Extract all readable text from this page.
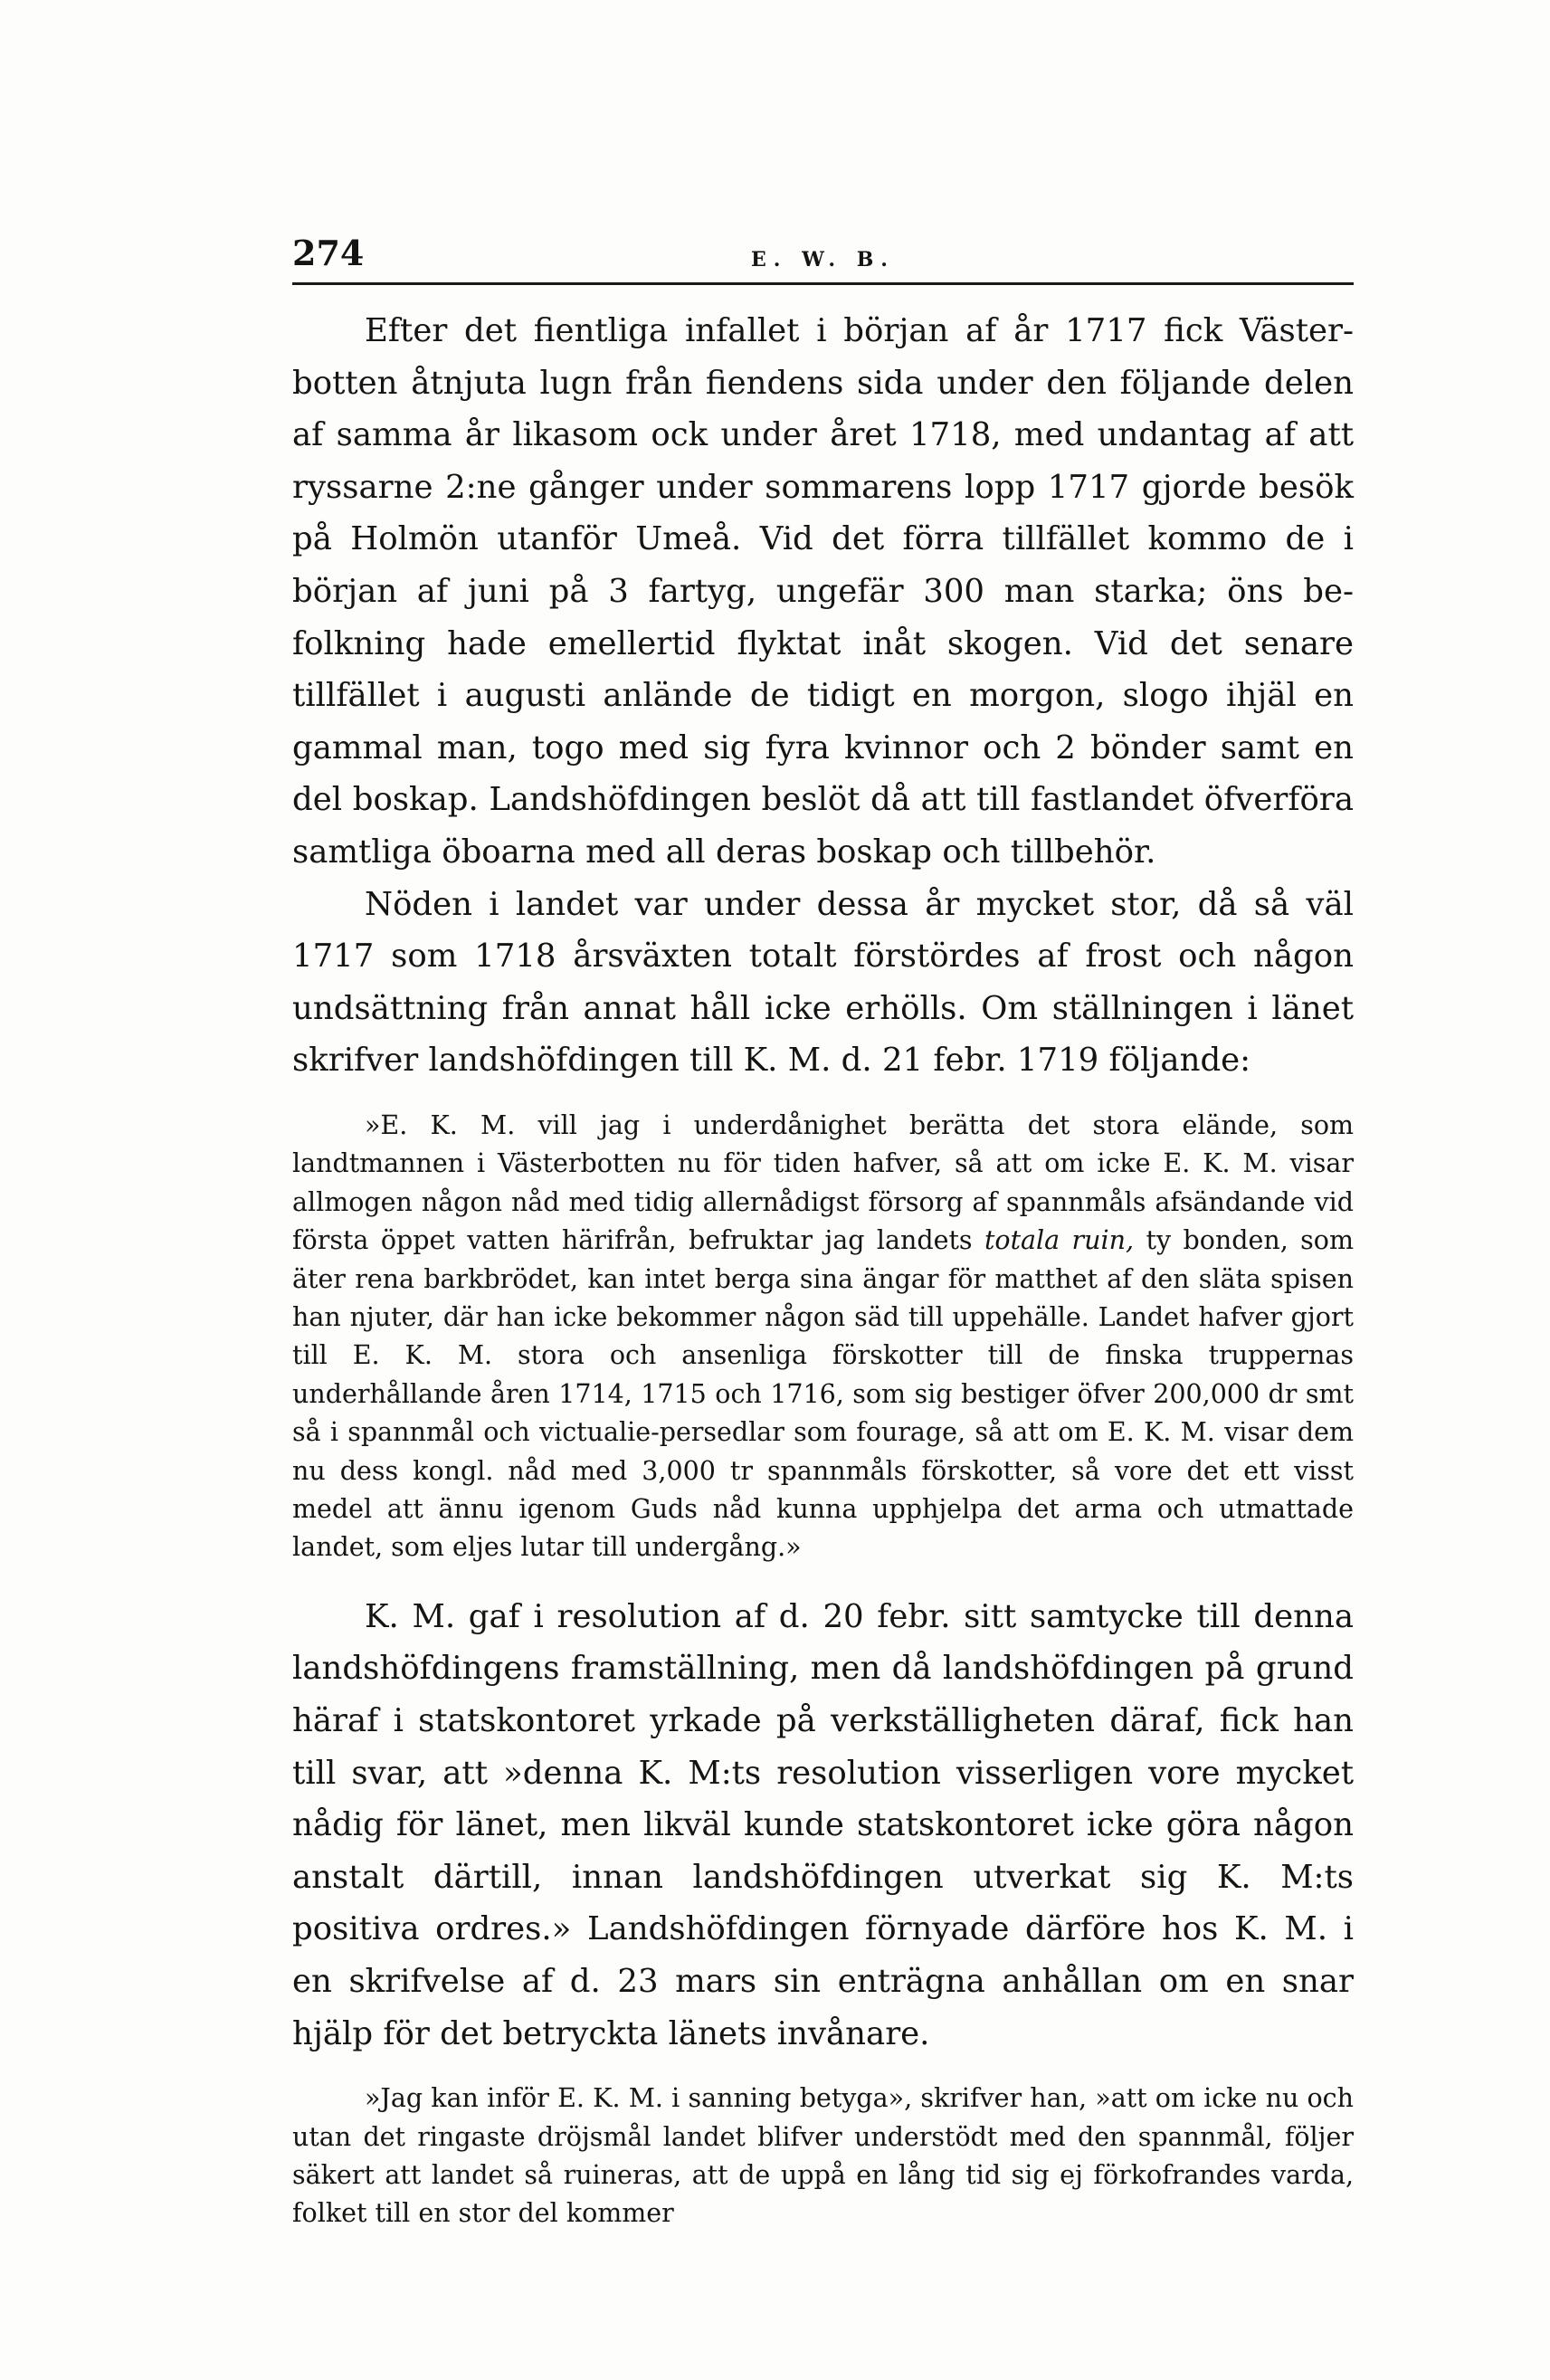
274	E. W. B.

Efter det fientliga infallet i början af år 1717 fick Västerbotten åtnjuta lugn från fiendens sida under den följande delen af samma år likasom ock under året 1718, med undantag af att ryssarne 2:ne gånger under sommarens lopp 1717 gjorde besök på Holmön utanför Umeå. Vid det förra tillfället kommo de i början af juni på 3 fartyg, ungefär 300 man starka; öns befolkning hade emellertid flyktat inåt skogen. Vid det senare tillfället i augusti anlände de tidigt en morgon, slogo ihjäl en gammal man, togo med sig fyra kvinnor och 2 bönder samt en del boskap. Landshöfdingen beslöt då att till fastlandet öfverföra samtliga öboarna med all deras boskap och tillbehör.

Nöden i landet var under dessa år mycket stor, då så väl 1717 som 1718 årsväxten totalt förstördes af frost och någon undsättning från annat håll icke erhölls. Om ställningen i länet skrifver landshöfdingen till K. M. d. 21 febr. 1719 följande:

»E. K. M. vill jag i underdånighet berätta det stora elände, som landtmannen i Västerbotten nu för tiden hafver, så att om icke E. K. M. visar allmogen någon nåd med tidig allernådigst försorg af spannmåls afsändande vid första öppet vatten härifrån, befruktar jag landets totala ruin, ty bonden, som äter rena barkbrödet, kan intet berga sina ängar för matthet af den släta spisen han njuter, där han icke bekommer någon säd till uppehälle. Landet hafver gjort till E. K. M. stora och ansenliga förskotter till de finska truppernas underhållande åren 1714, 1715 och 1716, som sig bestiger öfver 200,000 dr smt så i spannmål och victualie-persedlar som fourage, så att om E. K. M. visar dem nu dess kongl. nåd med 3,000 tr spannmåls förskotter, så vore det ett visst medel att ännu igenom Guds nåd kunna upphjelpa det arma och utmattade landet, som eljes lutar till undergång.»

K. M. gaf i resolution af d. 20 febr. sitt samtycke till denna landshöfdingens framställning, men då landshöfdingen på grund häraf i statskontoret yrkade på verkställigheten däraf, fick han till svar, att »denna K. M:ts resolution visserligen vore mycket nådig för länet, men likväl kunde statskontoret icke göra någon anstalt därtill, innan landshöfdingen utverkat sig K. M:ts positiva ordres.» Landshöfdingen förnyade därföre hos K. M. i en skrifvelse af d. 23 mars sin enträgna anhållan om en snar hjälp för det betryckta länets invånare.

»Jag kan inför E. K. M. i sanning betyga», skrifver han, »att om icke nu och utan det ringaste dröjsmål landet blifver understödt med den spannmål, följer säkert att landet så ruineras, att de uppå en lång tid sig ej förkofrandes varda, folket till en stor del kommer
